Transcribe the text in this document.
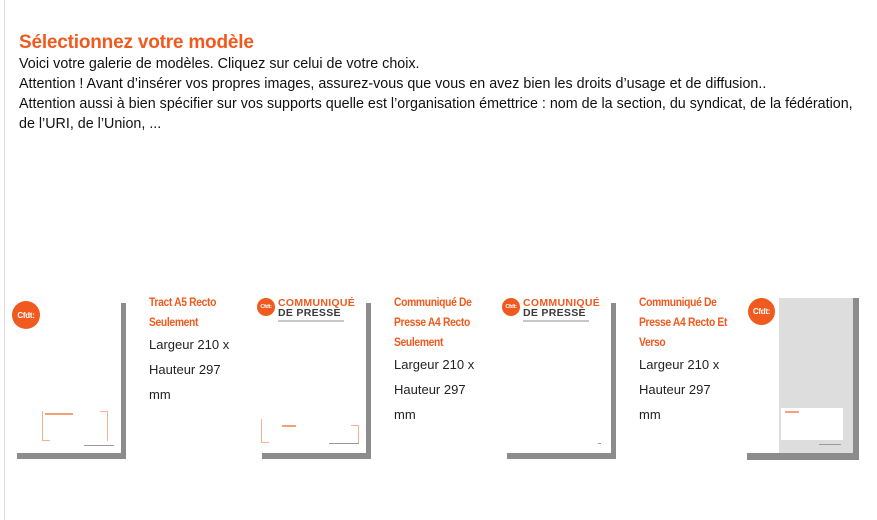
Sélectionnez votre modèle

Voici votre galerie de modèles. Cliquez sur celui de votre choix.

Attention ! Avant d’insérer vos propres images, assurez-vous que vous en avez bien les droits d’usage et de diffusion..

Attention aussi à bien spécifier sur vos supports quelle est l’organisation émettrice : nom de la section, du syndicat, de la fédération, de l’URI, de l’Union, ...

Cfdt:
Tract A5 Recto
Seulement
Largeur 210 x
Hauteur 297
mm
Cfdt: COMMUNIQUÉ
DE PRESSE
Communiqué De
Presse A4 Recto
Seulement
Largeur 210 x
Hauteur 297
mm
Cfdt: COMMUNIQUÉ
DE PRESSE
Communiqué De
Presse A4 Recto Et
Verso
Largeur 210 x
Hauteur 297
mm
Cfdt:
